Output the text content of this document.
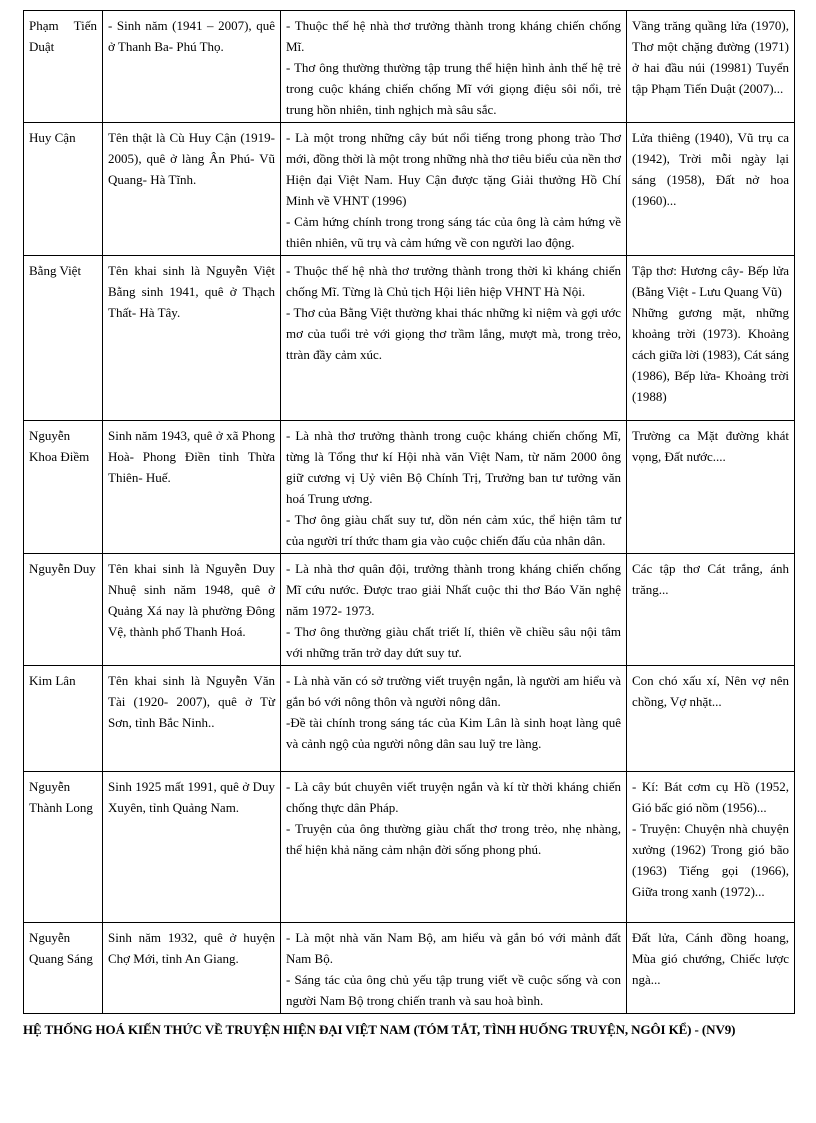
Phạm Tiến Duật	- Sinh năm (1941 – 2007), quê ở Thanh Ba- Phú Thọ.	- Thuộc thế hệ nhà thơ trưởng thành trong kháng chiến chống Mĩ.
- Thơ ông thường thường tập trung thể hiện hình ảnh thế hệ trẻ trong cuộc kháng chiến chống Mĩ với giọng điệu sôi nổi, trẻ trung hồn nhiên, tinh nghịch mà sâu sắc.	Vầng trăng quầng lửa (1970), Thơ một chặng đường (1971) ở hai đầu núi (19981) Tuyển tập Phạm Tiến Duật (2007)...

Huy Cận	Tên thật là Cù Huy Cận (1919- 2005), quê ở làng Ân Phú- Vũ Quang- Hà Tĩnh.	- Là một trong những cây bút nổi tiếng trong phong trào Thơ mới, đồng thời là một trong những nhà thơ tiêu biểu của nền thơ Hiện đại Việt Nam. Huy Cận được tặng Giải thưởng Hồ Chí Minh về VHNT (1996)
- Cảm hứng chính trong trong sáng tác của ông là cảm hứng về thiên nhiên, vũ trụ và cảm hứng về con người lao động.	Lửa thiêng (1940), Vũ trụ ca (1942), Trời mỗi ngày lại sáng (1958), Đất nở hoa (1960)...

Bằng Việt	Tên khai sinh là Nguyễn Việt Bằng sinh 1941, quê ở Thạch Thất- Hà Tây.	- Thuộc thế hệ nhà thơ trưởng thành trong thời kì kháng chiến chống Mĩ. Từng là Chủ tịch Hội liên hiệp VHNT Hà Nội.
- Thơ của Bằng Việt thường khai thác những kỉ niệm và gợi ước mơ của tuổi trẻ với giọng thơ trầm lắng, mượt mà, trong trẻo, ttràn đầy cảm xúc.	Tập thơ: Hương cây- Bếp lửa (Bằng Việt - Lưu Quang Vũ)
Những gương mặt, những khoảng trời (1973). Khoảng cách giữa lời (1983), Cát sáng (1986), Bếp lửa- Khoảng trời (1988)

Nguyễn Khoa Điềm	Sinh năm 1943, quê ở xã Phong Hoà- Phong Điền tỉnh Thừa Thiên- Huế.	- Là nhà thơ trưởng thành trong cuộc kháng chiến chống Mĩ, từng là Tổng thư kí Hội nhà văn Việt Nam, từ năm 2000 ông giữ cương vị Uỷ viên Bộ Chính Trị, Trưởng ban tư tưởng văn hoá Trung ương.
- Thơ ông giàu chất suy tư, dồn nén cảm xúc, thể hiện tâm tư của người trí thức tham gia vào cuộc chiến đấu của nhân dân.	Trường ca Mặt đường khát vọng, Đất nước....

Nguyễn Duy	Tên khai sinh là Nguyễn Duy Nhuệ sinh năm 1948, quê ở Quảng Xá nay là phường Đông Vệ, thành phố Thanh Hoá.	- Là nhà thơ quân đội, trưởng thành trong kháng chiến chống Mĩ cứu nước. Được trao giải Nhất cuộc thi thơ Báo Văn nghệ năm 1972- 1973.
- Thơ ông thường giàu chất triết lí, thiên về chiều sâu nội tâm với những trăn trở day dứt suy tư.	Các tập thơ Cát trắng, ánh trăng...

Kim Lân	Tên khai sinh là Nguyễn Văn Tài (1920- 2007), quê ở Từ Sơn, tỉnh Bắc Ninh..	- Là nhà văn có sở trường viết truyện ngắn, là người am hiểu và gắn bó với nông thôn và người nông dân.
-Đề tài chính trong sáng tác của Kim Lân là sinh hoạt làng quê và cảnh ngộ của người nông dân sau luỹ tre làng.	Con chó xấu xí, Nên vợ nên chồng, Vợ nhặt...

Nguyễn Thành Long	Sinh 1925 mất 1991, quê ở Duy Xuyên, tỉnh Quảng Nam.	- Là cây bút chuyên viết truyện ngắn và kí từ thời kháng chiến chống thực dân Pháp.
- Truyện của ông thường giàu chất thơ trong trẻo, nhẹ nhàng, thể hiện khả năng cảm nhận đời sống phong phú.	- Kí: Bát cơm cụ Hồ (1952, Gió bấc gió nồm (1956)...
- Truyện: Chuyện nhà chuyện xưởng (1962) Trong gió bão (1963) Tiếng gọi (1966), Giữa trong xanh (1972)...

Nguyễn Quang Sáng	Sinh năm 1932, quê ở huyện Chợ Mới, tỉnh An Giang.	- Là một nhà văn Nam Bộ, am hiểu và gắn bó với mảnh đất Nam Bộ.
- Sáng tác của ông chủ yếu tập trung viết về cuộc sống và con người Nam Bộ trong chiến tranh và sau hoà bình.	Đất lửa, Cánh đồng hoang, Mùa gió chướng, Chiếc lược ngà...
HỆ THỐNG HOÁ KIẾN THỨC VỀ TRUYỆN HIỆN ĐẠI VIỆT NAM (TÓM TẮT, TÌNH HUỐNG TRUYỆN, NGÔI KỂ) - (NV9)
